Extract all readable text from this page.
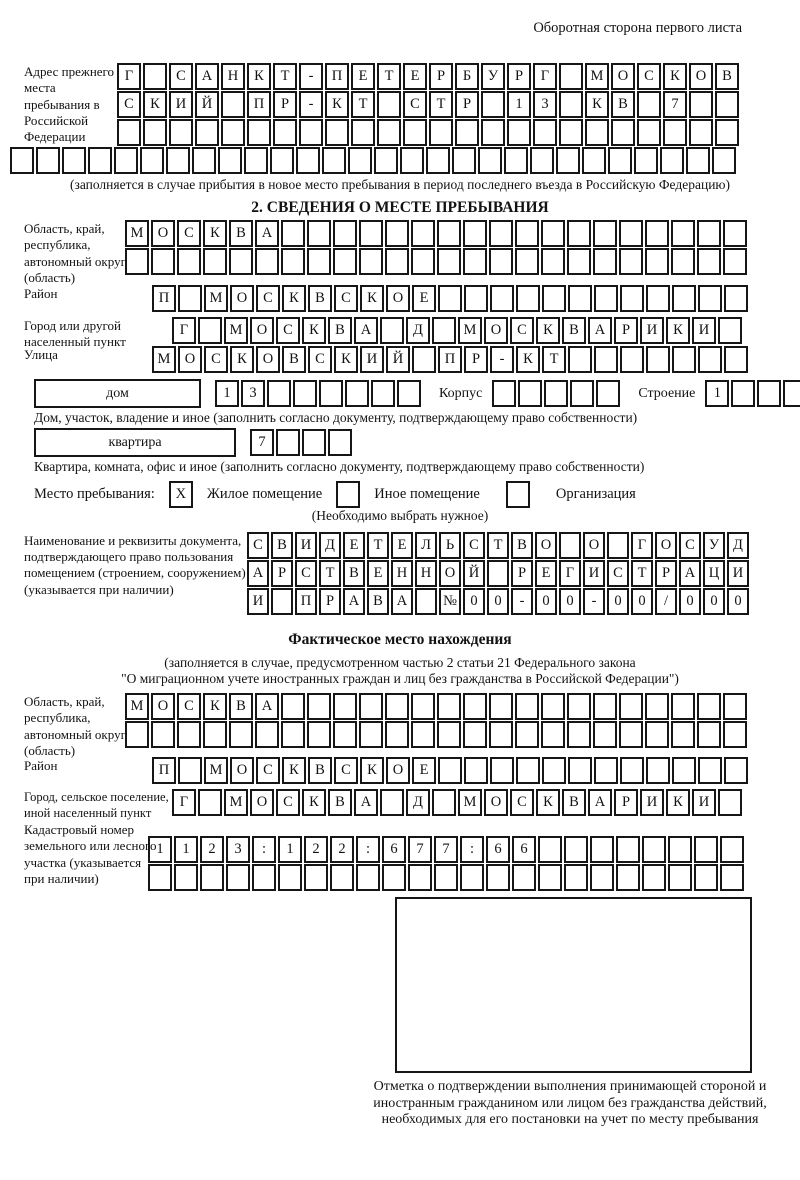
Оборотная сторона первого листа
Адрес прежнего места пребывания в Российской Федерации
Г	С	А	Н	К	Т	-	П	Е	Т	Е	Р	Б	У	Р	Г	М О	С	К	О	В
С	К	И	Й	П	Р	-	К	Т	С	Т	Р	1	3	К	В	7
(заполняется в случае прибытия в новое место пребывания в период последнего въезда в Российскую Федерацию)
2. СВЕДЕНИЯ О МЕСТЕ ПРЕБЫВАНИЯ
Область, край, республика, автономный округ (область)
М О	С	К	В	А
Район	П	М О	С	К	В	С	К	О	Е
Город или другой населенный пункт
Г	М О	С	К	В	А	Д	М О	С	К	В	А	Р	И	К	И
Улица	М О	С	К	О	В	С	К	И	Й	П	Р	-	К	Т
дом	1	3	Корпус	Строение	1
Дом, участок, владение и иное (заполнить согласно документу, подтверждающему право собственности)
квартира	7
Квартира, комната, офис и иное (заполнить согласно документу, подтверждающему право собственности)
Место пребывания:	X	Жилое помещение	Иное помещение	Организация
(Необходимо выбрать нужное)
Наименование и реквизиты документа, подтверждающего право пользования помещением (строением, сооружением) (указывается при наличии)
С В И Д	Е	Т	Е	Л	Ь	С	Т	В О	О	Г	О С У Д
А	Р	С	Т	В	Е Н Н О Й	Р	Е	Г	И С	Т	Р	А Ц И
И	П	Р	А В А	№ 0	0	-	0	0	-	0	0	/	0	0	0
Фактическое место нахождения
(заполняется в случае, предусмотренном частью 2 статьи 21 Федерального закона
"О миграционном учете иностранных граждан и лиц без гражданства в Российской Федерации")
Область, край, республика, автономный округ (область)
М О	С	К	В	А
Район	П	М О	С	К	В	С	К	О	Е
Город, сельское поселение, иной населенный пункт
Г	М О	С	К	В	А	Д	М О	С	К	В	А	Р	И	К	И
Кадастровый номер земельного или лесного участка (указывается при наличии)
1	1	2	3	:	1	2	2	:	6	7	7	:	6	6
Отметка о подтверждении выполнения принимающей стороной и иностранным гражданином или лицом без гражданства действий, необходимых для его постановки на учет по месту пребывания
